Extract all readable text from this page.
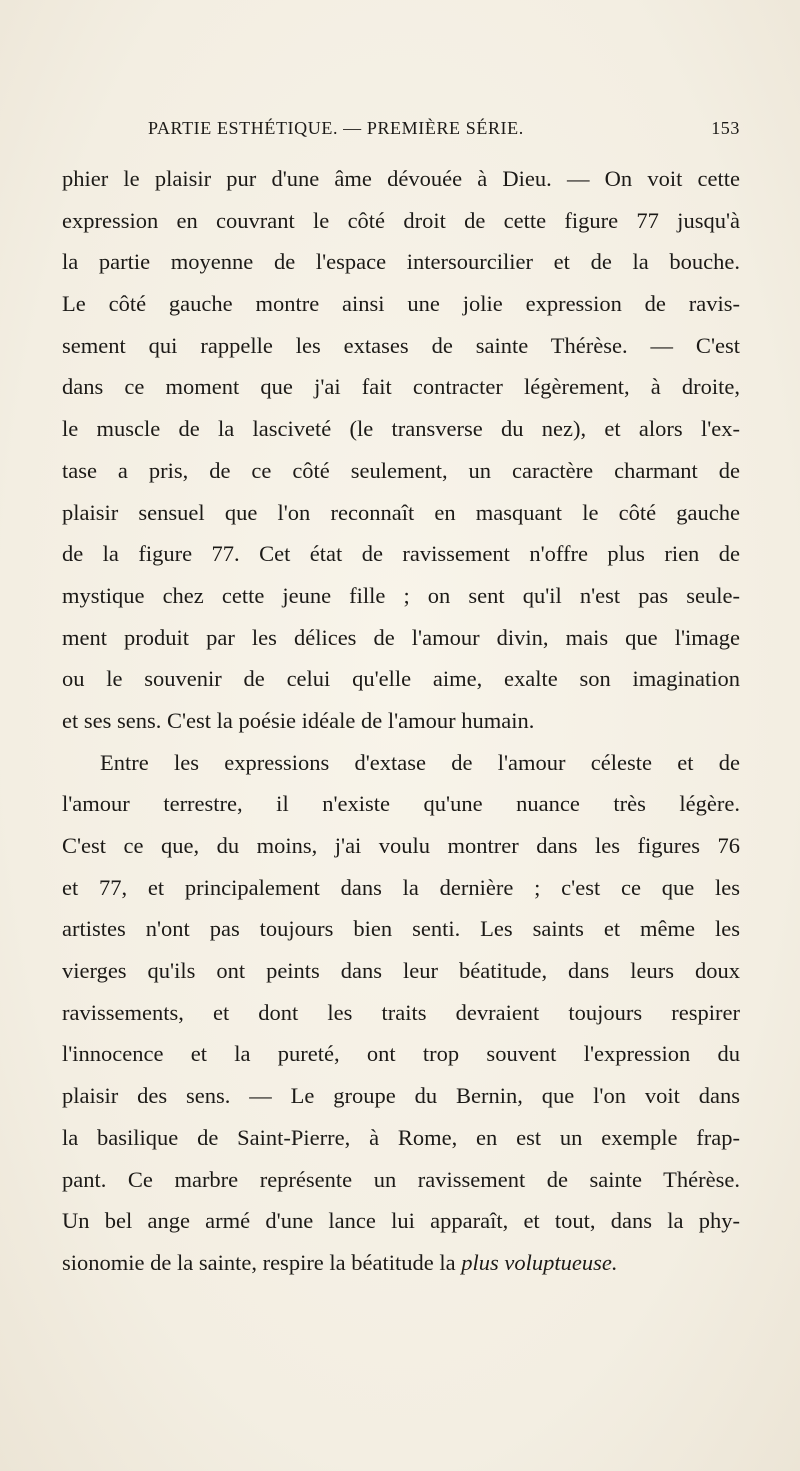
PARTIE ESTHÉTIQUE. — PREMIÈRE SÉRIE.	153
phier le plaisir pur d'une âme dévouée à Dieu. — On voit cette
expression en couvrant le côté droit de cette figure 77 jusqu'à
la partie moyenne de l'espace intersourcilier et de la bouche.
Le côté gauche montre ainsi une jolie expression de ravis-
sement qui rappelle les extases de sainte Thérèse. — C'est
dans ce moment que j'ai fait contracter légèrement, à droite,
le muscle de la lasciveté (le transverse du nez), et alors l'ex-
tase a pris, de ce côté seulement, un caractère charmant de
plaisir sensuel que l'on reconnaît en masquant le côté gauche
de la figure 77. Cet état de ravissement n'offre plus rien de
mystique chez cette jeune fille ; on sent qu'il n'est pas seule-
ment produit par les délices de l'amour divin, mais que l'image
ou le souvenir de celui qu'elle aime, exalte son imagination
et ses sens. C'est la poésie idéale de l'amour humain.
Entre les expressions d'extase de l'amour céleste et de
l'amour terrestre, il n'existe qu'une nuance très légère.
C'est ce que, du moins, j'ai voulu montrer dans les figures 76
et 77, et principalement dans la dernière ; c'est ce que les
artistes n'ont pas toujours bien senti. Les saints et même les
vierges qu'ils ont peints dans leur béatitude, dans leurs doux
ravissements, et dont les traits devraient toujours respirer
l'innocence et la pureté, ont trop souvent l'expression du
plaisir des sens. — Le groupe du Bernin, que l'on voit dans
la basilique de Saint-Pierre, à Rome, en est un exemple frap-
pant. Ce marbre représente un ravissement de sainte Thérèse.
Un bel ange armé d'une lance lui apparaît, et tout, dans la phy-
sionomie de la sainte, respire la béatitude la plus voluptueuse.
